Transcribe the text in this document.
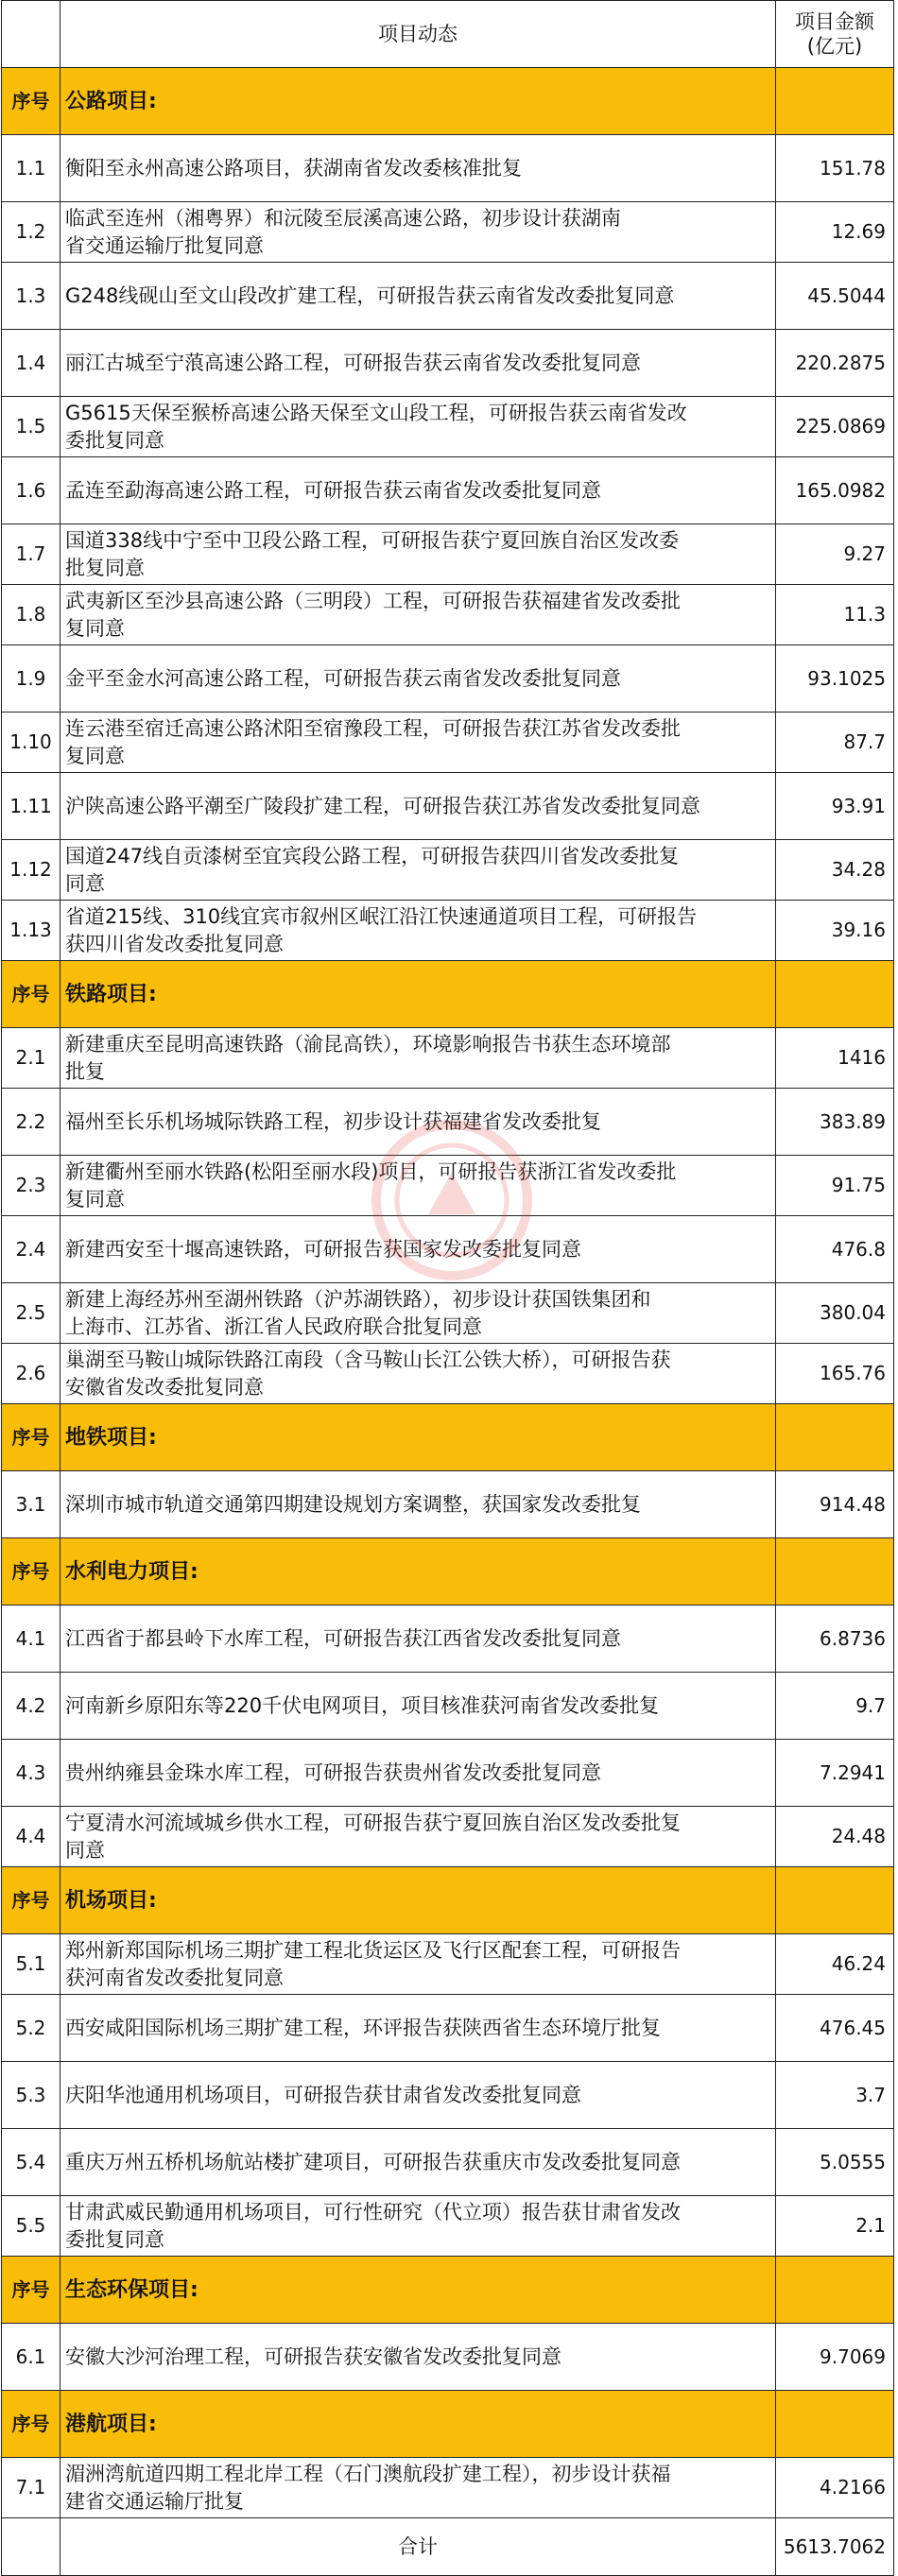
	项目动态	项目金额
(亿元)
序号	公路项目:	
1.1	衡阳至永州高速公路项目，获湖南省发改委核准批复	151.78
1.2	临武至连州（湘粤界）和沅陵至辰溪高速公路，初步设计获湖南
省交通运输厅批复同意	12.69
1.3	G248线砚山至文山段改扩建工程，可研报告获云南省发改委批复同意	45.5044
1.4	丽江古城至宁蒗高速公路工程，可研报告获云南省发改委批复同意	220.2875
1.5	G5615天保至猴桥高速公路天保至文山段工程，可研报告获云南省发改
委批复同意	225.0869
1.6	孟连至勐海高速公路工程，可研报告获云南省发改委批复同意	165.0982
1.7	国道338线中宁至中卫段公路工程，可研报告获宁夏回族自治区发改委
批复同意	9.27
1.8	武夷新区至沙县高速公路（三明段）工程，可研报告获福建省发改委批
复同意	11.3
1.9	金平至金水河高速公路工程，可研报告获云南省发改委批复同意	93.1025
1.10	连云港至宿迁高速公路沭阳至宿豫段工程，可研报告获江苏省发改委批
复同意	87.7
1.11	沪陕高速公路平潮至广陵段扩建工程，可研报告获江苏省发改委批复同意	93.91
1.12	国道247线自贡漆树至宜宾段公路工程，可研报告获四川省发改委批复
同意	34.28
1.13	省道215线、310线宜宾市叙州区岷江沿江快速通道项目工程，可研报告
获四川省发改委批复同意	39.16
序号	铁路项目:	
2.1	新建重庆至昆明高速铁路（渝昆高铁），环境影响报告书获生态环境部
批复	1416
2.2	福州至长乐机场城际铁路工程，初步设计获福建省发改委批复	383.89
2.3	新建衢州至丽水铁路(松阳至丽水段)项目，可研报告获浙江省发改委批
复同意	91.75
2.4	新建西安至十堰高速铁路，可研报告获国家发改委批复同意	476.8
2.5	新建上海经苏州至湖州铁路（沪苏湖铁路），初步设计获国铁集团和
上海市、江苏省、浙江省人民政府联合批复同意	380.04
2.6	巢湖至马鞍山城际铁路江南段（含马鞍山长江公铁大桥），可研报告获
安徽省发改委批复同意	165.76
序号	地铁项目:	
3.1	深圳市城市轨道交通第四期建设规划方案调整，获国家发改委批复	914.48
序号	水利电力项目:	
4.1	江西省于都县岭下水库工程，可研报告获江西省发改委批复同意	6.8736
4.2	河南新乡原阳东等220千伏电网项目，项目核准获河南省发改委批复	9.7
4.3	贵州纳雍县金珠水库工程，可研报告获贵州省发改委批复同意	7.2941
4.4	宁夏清水河流域城乡供水工程，可研报告获宁夏回族自治区发改委批复
同意	24.48
序号	机场项目:	
5.1	郑州新郑国际机场三期扩建工程北货运区及飞行区配套工程，可研报告
获河南省发改委批复同意	46.24
5.2	西安咸阳国际机场三期扩建工程，环评报告获陕西省生态环境厅批复	476.45
5.3	庆阳华池通用机场项目，可研报告获甘肃省发改委批复同意	3.7
5.4	重庆万州五桥机场航站楼扩建项目，可研报告获重庆市发改委批复同意	5.0555
5.5	甘肃武威民勤通用机场项目，可行性研究（代立项）报告获甘肃省发改
委批复同意	2.1
序号	生态环保项目:	
6.1	安徽大沙河治理工程，可研报告获安徽省发改委批复同意	9.7069
序号	港航项目:	
7.1	湄洲湾航道四期工程北岸工程（石门澳航段扩建工程），初步设计获福
建省交通运输厅批复	4.2166
	合计	5613.7062
